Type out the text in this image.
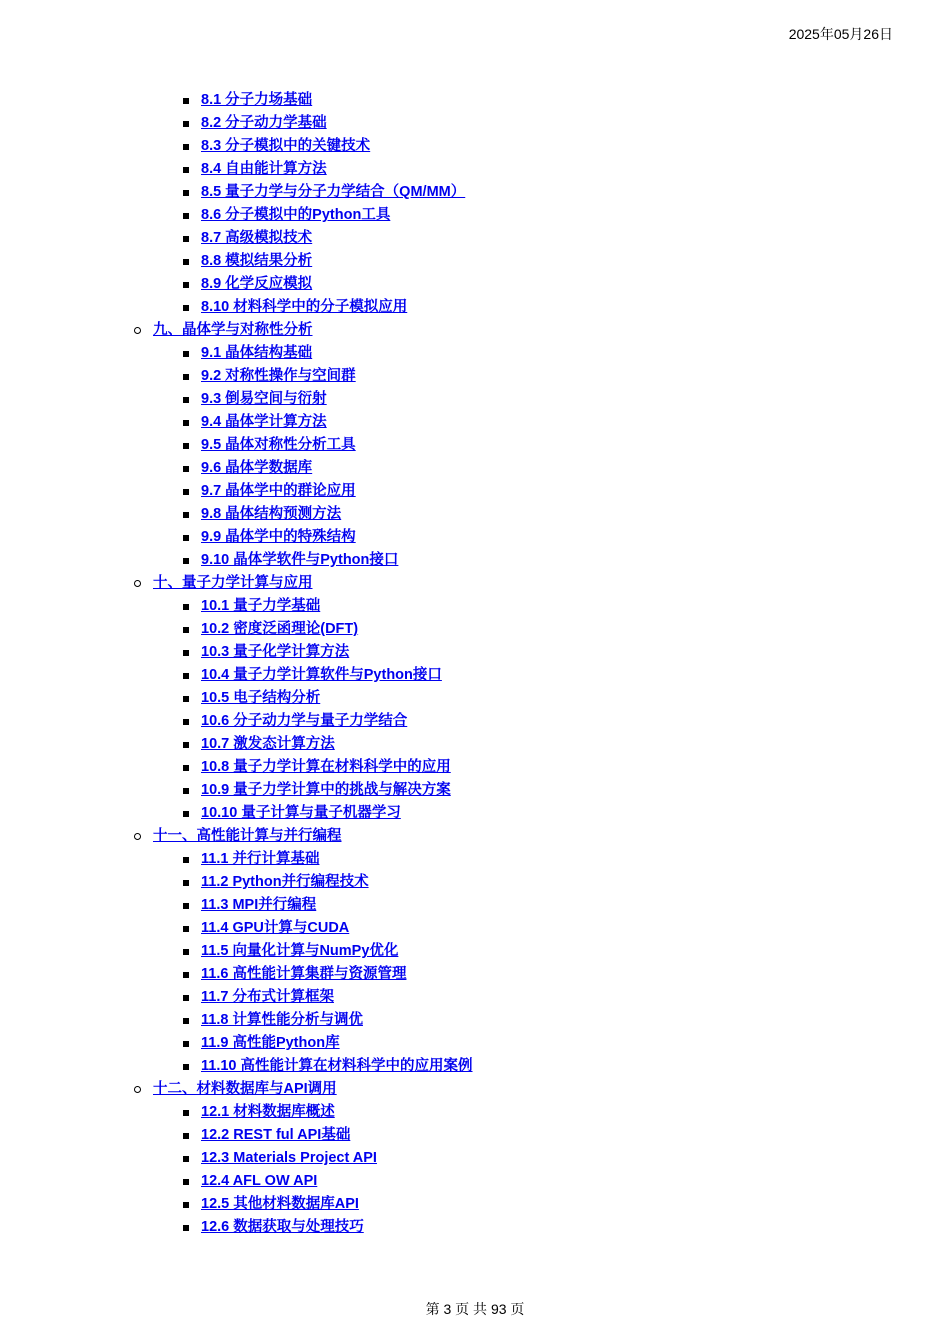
2025年05月26日
8.1 分子力场基础
8.2 分子动力学基础
8.3 分子模拟中的关键技术
8.4 自由能计算方法
8.5 量子力学与分子力学结合（QM/MM）
8.6 分子模拟中的Python工具
8.7 高级模拟技术
8.8 模拟结果分析
8.9 化学反应模拟
8.10 材料科学中的分子模拟应用
九、晶体学与对称性分析
9.1 晶体结构基础
9.2 对称性操作与空间群
9.3 倒易空间与衍射
9.4 晶体学计算方法
9.5 晶体对称性分析工具
9.6 晶体学数据库
9.7 晶体学中的群论应用
9.8 晶体结构预测方法
9.9 晶体学中的特殊结构
9.10 晶体学软件与Python接口
十、量子力学计算与应用
10.1 量子力学基础
10.2 密度泛函理论(DFT)
10.3 量子化学计算方法
10.4 量子力学计算软件与Python接口
10.5 电子结构分析
10.6 分子动力学与量子力学结合
10.7 激发态计算方法
10.8 量子力学计算在材料科学中的应用
10.9 量子力学计算中的挑战与解决方案
10.10 量子计算与量子机器学习
十一、高性能计算与并行编程
11.1 并行计算基础
11.2 Python并行编程技术
11.3 MPI并行编程
11.4 GPU计算与CUDA
11.5 向量化计算与NumPy优化
11.6 高性能计算集群与资源管理
11.7 分布式计算框架
11.8 计算性能分析与调优
11.9 高性能Python库
11.10 高性能计算在材料科学中的应用案例
十二、材料数据库与API调用
12.1 材料数据库概述
12.2 REST ful API基础
12.3 Materials Project API
12.4 AFL OW API
12.5 其他材料数据库API
12.6 数据获取与处理技巧
第 3 页 共 93 页
